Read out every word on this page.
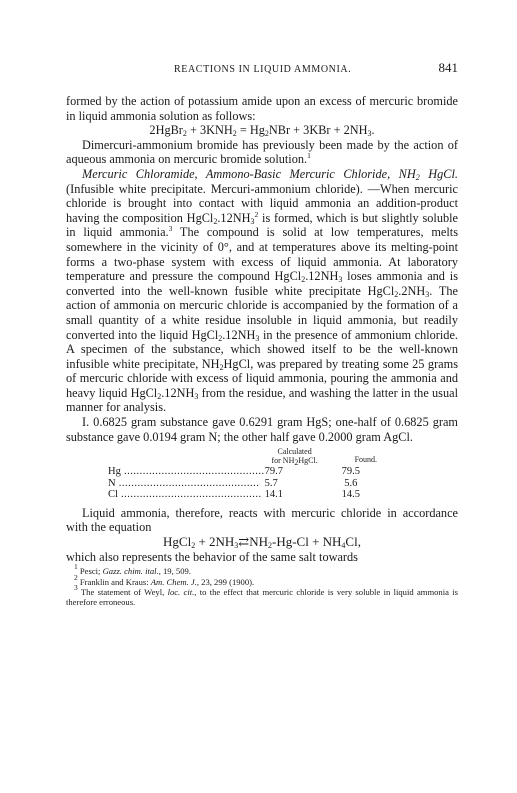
REACTIONS IN LIQUID AMMONIA.	841

formed by the action of potassium amide upon an excess of mercuric bromide in liquid ammonia solution as follows:

2HgBr$_2$ + $3KNH_2 = Hg_2NBr + 3KBr + 2NH_3$.

Dimercuri-ammonium bromide has previously been made by the action of aqueous ammonia on mercuric bromide solution.$^1$

Mercuric Chloramide, Ammono-Basic Mercuric Chloride, $NH_2$ HgCl. (Infusible white precipitate. Mercuri-ammonium chloride). —When mercuric chloride is brought into contact with liquid ammonia an addition-product having the composition $HgCl_2.12NH_3^2$ is formed, which is but slightly soluble in liquid ammonia.$^3$ The compound is solid at low temperatures, melts somewhere in the vicinity of 0°, and at temperatures above its melting-point forms a two-phase system with excess of liquid ammonia. At laboratory temperature and pressure the compound $HgCl_2.12NH_3$ loses ammonia and is converted into the well-known fusible white precipitate $HgCl_2.2NH_3$. The action of ammonia on mercuric chloride is accompanied by the formation of a small quantity of a white residue insoluble in liquid ammonia, but readily converted into the liquid $HgCl_2.12NH_3$ in the presence of ammonium chloride. A specimen of the substance, which showed itself to be the well-known infusible white precipitate, $NH_2HgCl$, was prepared by treating some 25 grams of mercuric chloride with excess of liquid ammonia, pouring the ammonia and heavy liquid $HgCl_2.12NH_3$ from the residue, and washing the latter in the usual manner for analysis.

I. 0.6825 gram substance gave 0.6291 gram HgS; one-half of 0.6825 gram substance gave 0.0194 gram N; the other half gave 0.2000 gram AgCl.

	Calculated
for $NH_2HgCl$.	Found.
Hg .....	79.7	79.5
N .....	5.7	5.6
Cl .....	14.1	14.5

Liquid ammonia, therefore, reacts with mercuric chloride in accordance with the equation

HgCl$_2$ + $2NH_3⇄NH_2-Hg-Cl + NH_4Cl$,

which also represents the behavior of the same salt towards

$^1$ Pesci; Gazz. chim. ital., 19, 509.

$^2$ Franklin and Kraus: Am. Chem. J., 23, 299 (1900).

$^3$ The statement of Weyl, loc. cit., to the effect that mercuric chloride is very soluble in liquid ammonia is therefore erroneous.
